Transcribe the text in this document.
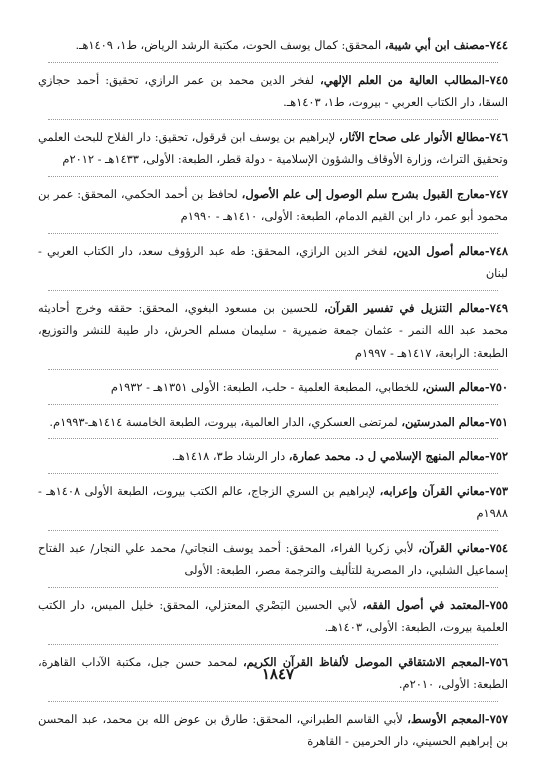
٧٤٤-مصنف ابن أبي شيبة، المحقق: كمال يوسف الحوت، مكتبة الرشد الرياض، ط١، ١٤٠٩هـ.
٧٤٥-المطالب العالية من العلم الإلهي، لفخر الدين محمد بن عمر الرازي، تحقيق: أحمد حجازي السقا، دار الكتاب العربي - بيروت، ط١، ١٤٠٣هـ.
٧٤٦-مطالع الأنوار على صحاح الآثار، لإبراهيم بن يوسف ابن قرقول، تحقيق: دار الفلاح للبحث العلمي وتحقيق التراث، وزارة الأوقاف والشؤون الإسلامية - دولة قطر، الطبعة: الأولى، ١٤٣٣هـ - ٢٠١٢م
٧٤٧-معارج القبول بشرح سلم الوصول إلى علم الأصول، لحافظ بن أحمد الحكمي، المحقق: عمر بن محمود أبو عمر، دار ابن القيم الدمام، الطبعة: الأولى، ١٤١٠هـ - ١٩٩٠م
٧٤٨-معالم أصول الدين، لفخر الدين الرازي، المحقق: طه عبد الرؤوف سعد، دار الكتاب العربي - لبنان
٧٤٩-معالم التنزيل في تفسير القرآن، للحسين بن مسعود البغوي، المحقق: حققه وخرج أحاديثه محمد عبد الله النمر - عثمان جمعة ضميرية - سليمان مسلم الحرش، دار طيبة للنشر والتوزيع، الطبعة: الرابعة، ١٤١٧هـ - ١٩٩٧م
٧٥٠-معالم السنن، للخطابي، المطبعة العلمية - حلب، الطبعة: الأولى ١٣٥١هـ - ١٩٣٢م
٧٥١-معالم المدرستين، لمرتضى العسكري، الدار العالمية، بيروت، الطبعة الخامسة ١٤١٤هـ-١٩٩٣م.
٧٥٢-معالم المنهج الإسلامي ل د. محمد عمارة، دار الرشاد ط٣، ١٤١٨هـ.
٧٥٣-معاني القرآن وإعرابه، لإبراهيم بن السري الزجاج، عالم الكتب بيروت، الطبعة الأولى ١٤٠٨هـ - ١٩٨٨م
٧٥٤-معاني القرآن، لأبي زكريا الفراء، المحقق: أحمد يوسف النجاتي/ محمد علي النجار/ عبد الفتاح إسماعيل الشلبي، دار المصرية للتأليف والترجمة مصر، الطبعة: الأولى
٧٥٥-المعتمد في أصول الفقه، لأبي الحسين البَصْري المعتزلي، المحقق: خليل الميس، دار الكتب العلمية بيروت، الطبعة: الأولى، ١٤٠٣هـ.
٧٥٦-المعجم الاشتقاقي الموصل لألفاظ القرآن الكريم، لمحمد حسن جبل، مكتبة الآداب القاهرة، الطبعة: الأولى، ٢٠١٠م.
٧٥٧-المعجم الأوسط، لأبي القاسم الطبراني، المحقق: طارق بن عوض الله بن محمد، عبد المحسن بن إبراهيم الحسيني، دار الحرمين - القاهرة
١٨٤٧
